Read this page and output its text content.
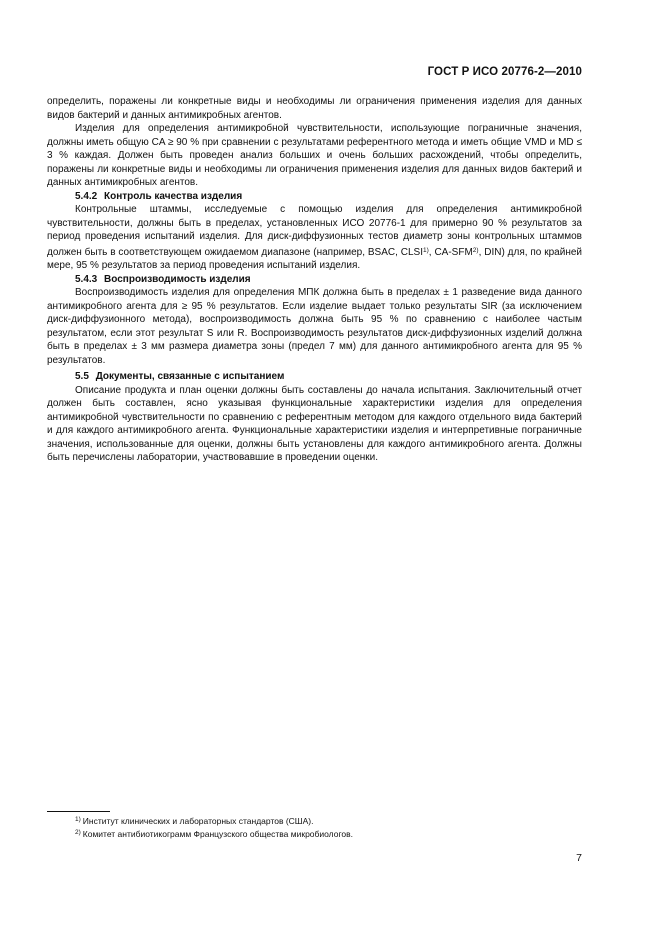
ГОСТ Р ИСО 20776-2—2010

определить, поражены ли конкретные виды и необходимы ли ограничения применения изделия для данных видов бактерий и данных антимикробных агентов.

Изделия для определения антимикробной чувствительности, использующие пограничные значения, должны иметь общую CA ≥ 90 % при сравнении с результатами референтного метода и иметь общие VMD и MD ≤ 3 % каждая. Должен быть проведен анализ больших и очень больших расхождений, чтобы определить, поражены ли конкретные виды и необходимы ли ограничения применения изделия для данных видов бактерий и данных антимикробных агентов.

5.4.2 Контроль качества изделия

Контрольные штаммы, исследуемые с помощью изделия для определения антимикробной чувствительности, должны быть в пределах, установленных ИСО 20776-1 для примерно 90 % результатов за период проведения испытаний изделия. Для диск-диффузионных тестов диаметр зоны контрольных штаммов должен быть в соответствующем ожидаемом диапазоне (например, BSAC, CLSI$^{1)}$, CA-SFM$^{2)}$, DIN) для, по крайней мере, 95 % результатов за период проведения испытаний изделия.

5.4.3 Воспроизводимость изделия

Воспроизводимость изделия для определения МПК должна быть в пределах ± 1 разведение вида данного антимикробного агента для ≥ 95 % результатов. Если изделие выдает только результаты SIR (за исключением диск-диффузионного метода), воспроизводимость должна быть 95 % по сравнению с наиболее частым результатом, если этот результат S или R. Воспроизводимость результатов диск-диффузионных изделий должна быть в пределах ± 3 мм размера диаметра зоны (предел 7 мм) для данного антимикробного агента для 95 % результатов.

5.5 Документы, связанные с испытанием

Описание продукта и план оценки должны быть составлены до начала испытания. Заключительный отчет должен быть составлен, ясно указывая функциональные характеристики изделия для определения антимикробной чувствительности по сравнению с референтным методом для каждого отдельного вида бактерий и для каждого антимикробного агента. Функциональные характеристики изделия и интерпретивные пограничные значения, использованные для оценки, должны быть установлены для каждого антимикробного агента. Должны быть перечислены лаборатории, участвовавшие в проведении оценки.

$^{1)}$ Институт клинических и лабораторных стандартов (США).
$^{2)}$ Комитет антибиотикограмм Французского общества микробиологов.
7
